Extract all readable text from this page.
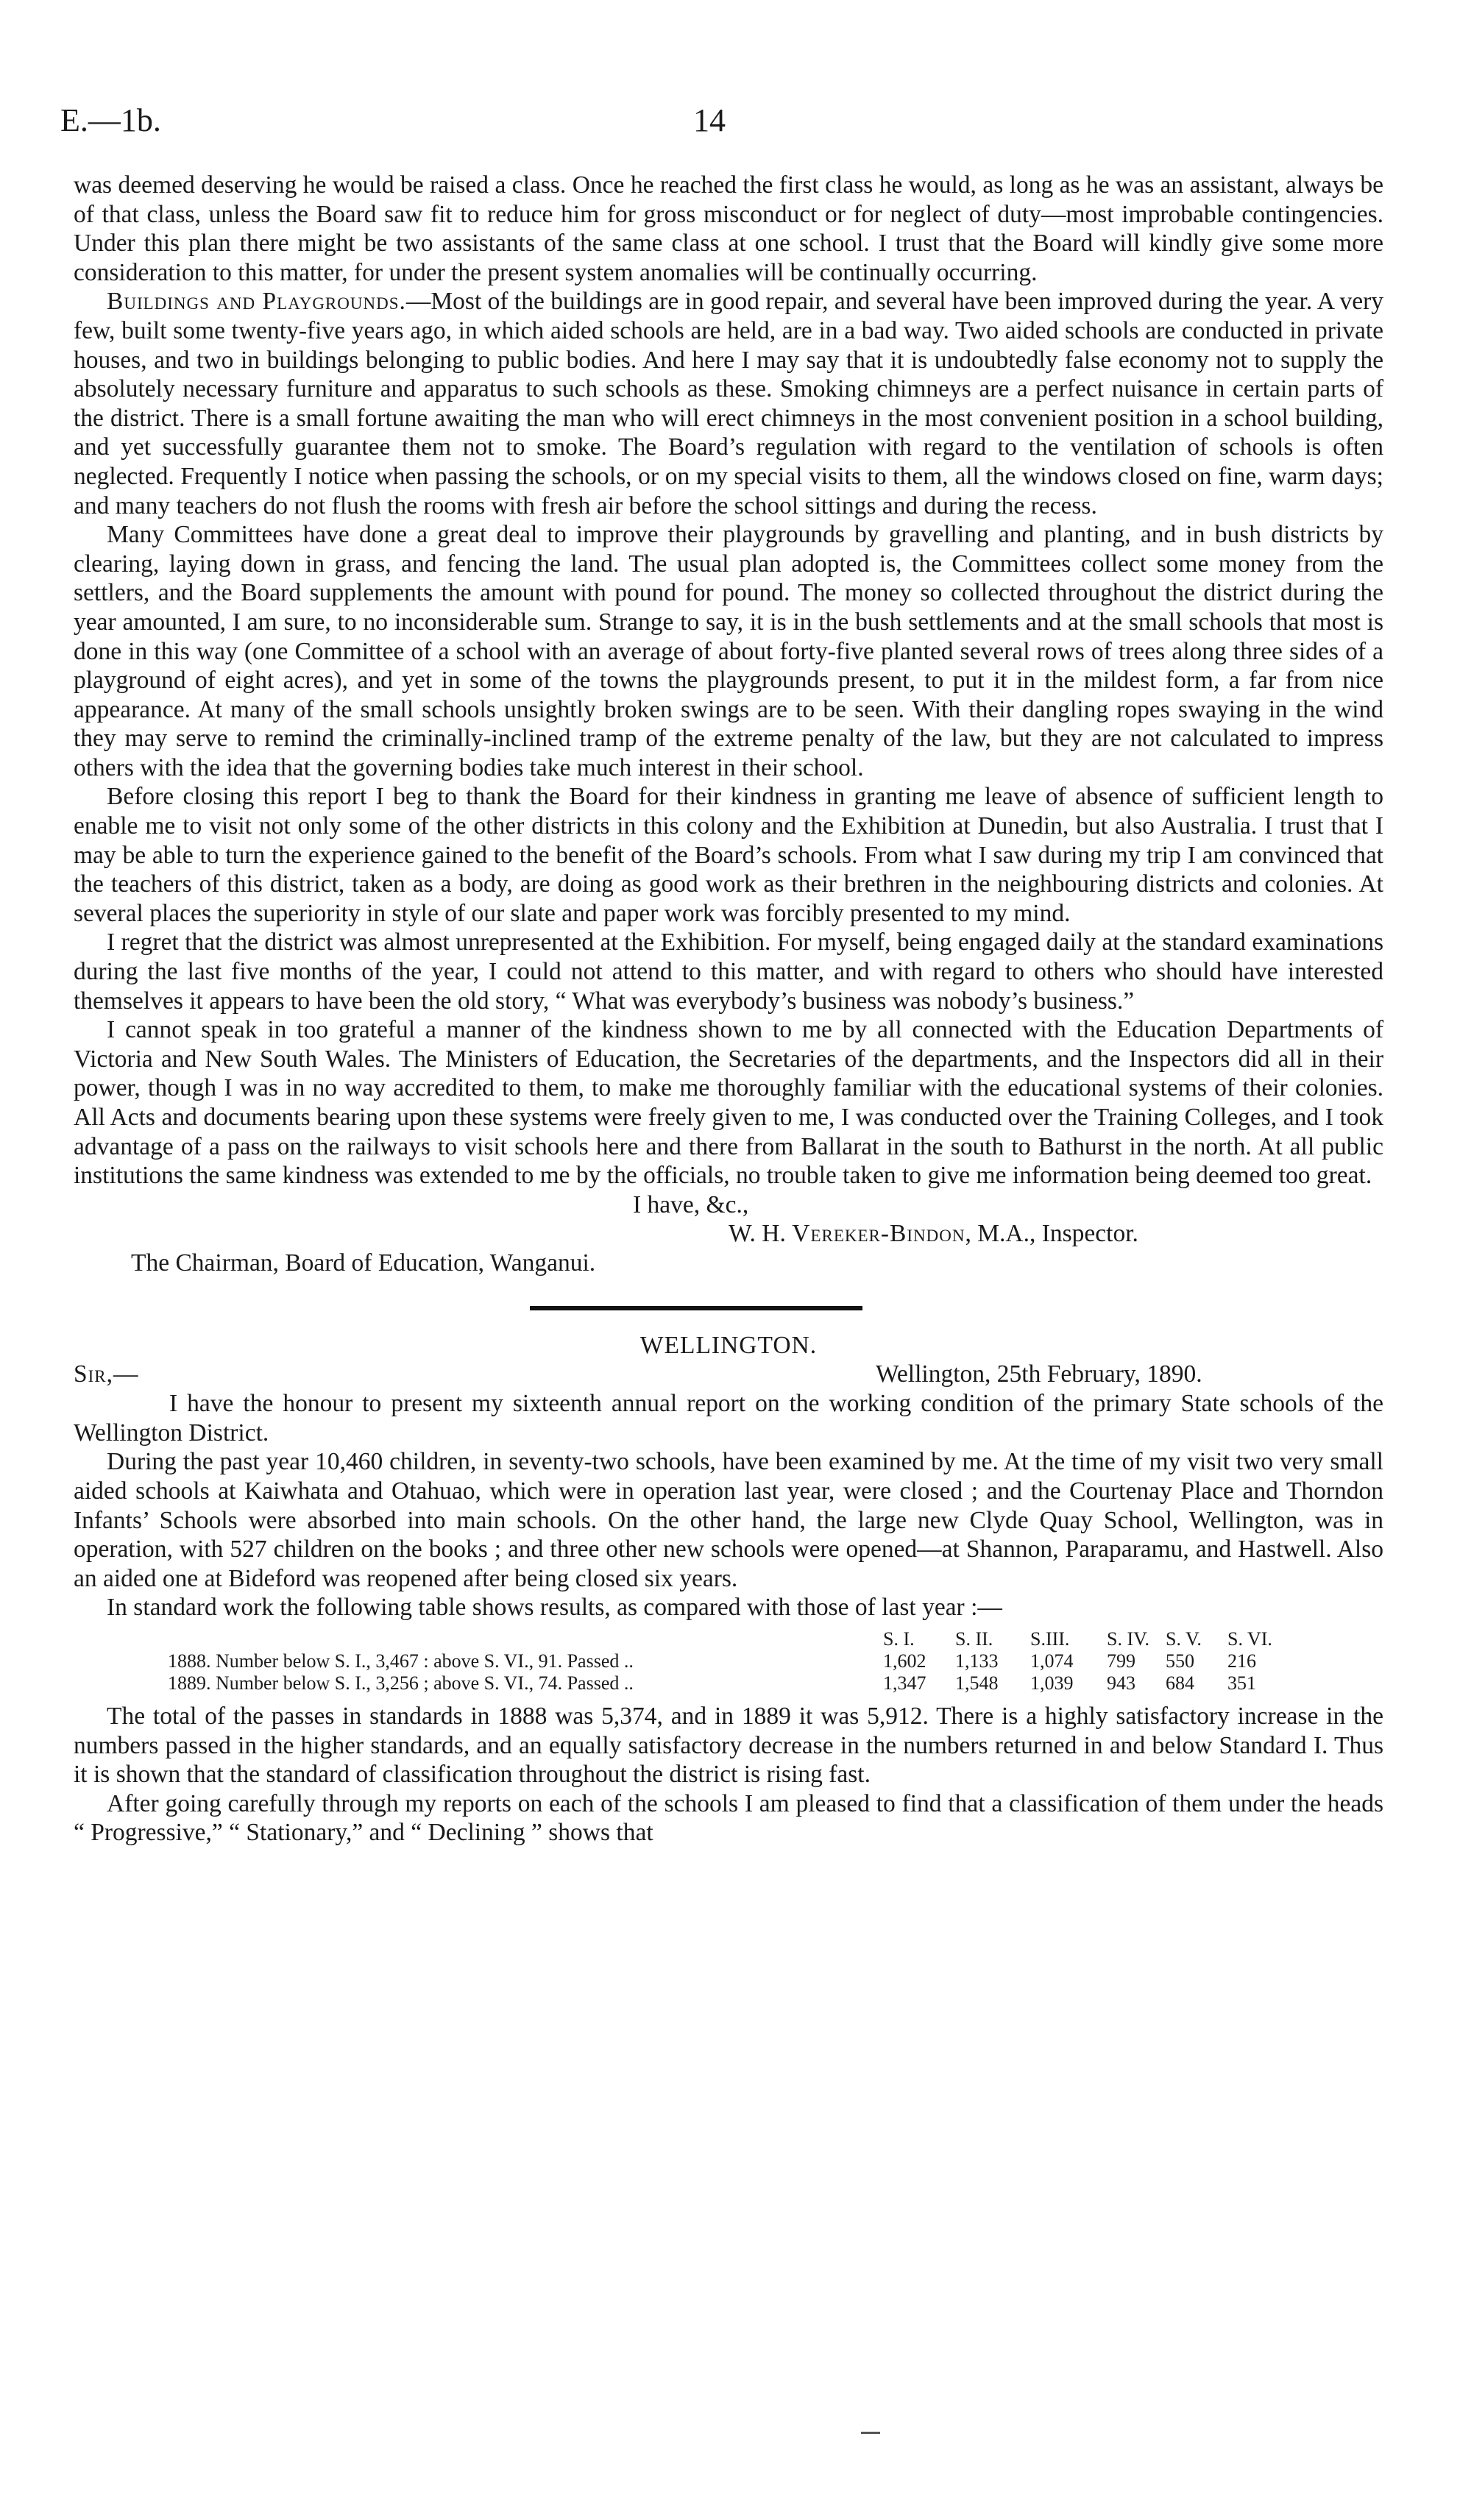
E.—1b.	14

was deemed deserving he would be raised a class. Once he reached the first class he would, as long as he was an assistant, always be of that class, unless the Board saw fit to reduce him for gross misconduct or for neglect of duty—most improbable contingencies. Under this plan there might be two assistants of the same class at one school. I trust that the Board will kindly give some more consideration to this matter, for under the present system anomalies will be continually occurring.

Buildings and Playgrounds.—Most of the buildings are in good repair, and several have been improved during the year. A very few, built some twenty-five years ago, in which aided schools are held, are in a bad way. Two aided schools are conducted in private houses, and two in buildings belonging to public bodies. And here I may say that it is undoubtedly false economy not to supply the absolutely necessary furniture and apparatus to such schools as these. Smoking chimneys are a perfect nuisance in certain parts of the district. There is a small fortune awaiting the man who will erect chimneys in the most convenient position in a school building, and yet successfully guarantee them not to smoke. The Board’s regulation with regard to the ventilation of schools is often neglected. Frequently I notice when passing the schools, or on my special visits to them, all the windows closed on fine, warm days; and many teachers do not flush the rooms with fresh air before the school sittings and during the recess.

Many Committees have done a great deal to improve their playgrounds by gravelling and planting, and in bush districts by clearing, laying down in grass, and fencing the land. The usual plan adopted is, the Committees collect some money from the settlers, and the Board supplements the amount with pound for pound. The money so collected throughout the district during the year amounted, I am sure, to no inconsiderable sum. Strange to say, it is in the bush settlements and at the small schools that most is done in this way (one Committee of a school with an average of about forty-five planted several rows of trees along three sides of a playground of eight acres), and yet in some of the towns the playgrounds present, to put it in the mildest form, a far from nice appearance. At many of the small schools unsightly broken swings are to be seen. With their dangling ropes swaying in the wind they may serve to remind the criminally-inclined tramp of the extreme penalty of the law, but they are not calculated to impress others with the idea that the governing bodies take much interest in their school.

Before closing this report I beg to thank the Board for their kindness in granting me leave of absence of sufficient length to enable me to visit not only some of the other districts in this colony and the Exhibition at Dunedin, but also Australia. I trust that I may be able to turn the experience gained to the benefit of the Board’s schools. From what I saw during my trip I am convinced that the teachers of this district, taken as a body, are doing as good work as their brethren in the neighbouring districts and colonies. At several places the superiority in style of our slate and paper work was forcibly presented to my mind.

I regret that the district was almost unrepresented at the Exhibition. For myself, being engaged daily at the standard examinations during the last five months of the year, I could not attend to this matter, and with regard to others who should have interested themselves it appears to have been the old story, “ What was everybody’s business was nobody’s business.”

I cannot speak in too grateful a manner of the kindness shown to me by all connected with the Education Departments of Victoria and New South Wales. The Ministers of Education, the Secretaries of the departments, and the Inspectors did all in their power, though I was in no way accredited to them, to make me thoroughly familiar with the educational systems of their colonies. All Acts and documents bearing upon these systems were freely given to me, I was conducted over the Training Colleges, and I took advantage of a pass on the railways to visit schools here and there from Ballarat in the south to Bathurst in the north. At all public institutions the same kindness was extended to me by the officials, no trouble taken to give me information being deemed too great.

I have, &c.,
W. H. Vereker-Bindon, M.A., Inspector.
The Chairman, Board of Education, Wanganui.
WELLINGTON.
Sir,—	Wellington, 25th February, 1890.

I have the honour to present my sixteenth annual report on the working condition of the primary State schools of the Wellington District.

During the past year 10,460 children, in seventy-two schools, have been examined by me. At the time of my visit two very small aided schools at Kaiwhata and Otahuao, which were in operation last year, were closed ; and the Courtenay Place and Thorndon Infants’ Schools were absorbed into main schools. On the other hand, the large new Clyde Quay School, Wellington, was in operation, with 527 children on the books ; and three other new schools were opened—at Shannon, Paraparamu, and Hastwell. Also an aided one at Bideford was reopened after being closed six years.

In standard work the following table shows results, as compared with those of last year :—

S. I. S. II. S.III. S. IV. S. V. S. VI.
1888. Number below S. I., 3,467 : above S. VI., 91. Passed ..	1,602 1,133 1,074 799 550 216
1889. Number below S. I., 3,256 ; above S. VI., 74. Passed ..	1,347 1,548 1,039 943 684 351

The total of the passes in standards in 1888 was 5,374, and in 1889 it was 5,912. There is a highly satisfactory increase in the numbers passed in the higher standards, and an equally satisfactory decrease in the numbers returned in and below Standard I. Thus it is shown that the standard of classification throughout the district is rising fast.

After going carefully through my reports on each of the schools I am pleased to find that a classification of them under the heads “ Progressive,” “ Stationary,” and “ Declining ” shows that
